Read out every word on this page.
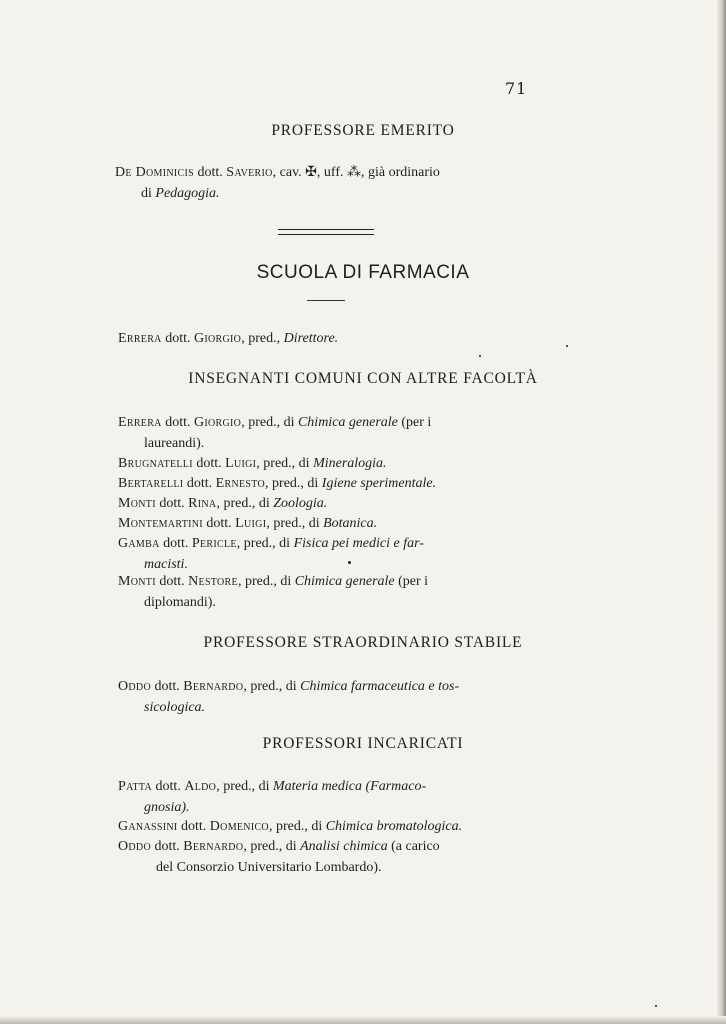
71
PROFESSORE EMERITO
De Dominicis dott. Saverio, cav. ✠, uff. ⁂, già ordinario
di Pedagogia.
SCUOLA DI FARMACIA
Errera dott. Giorgio, pred., Direttore.
INSEGNANTI COMUNI CON ALTRE FACOLTÀ
Errera dott. Giorgio, pred., di Chimica generale (per i
laureandi).
Brugnatelli dott. Luigi, pred., di Mineralogia.
Bertarelli dott. Ernesto, pred., di Igiene sperimentale.
Monti dott. Rina, pred., di Zoologia.
Montemartini dott. Luigi, pred., di Botanica.
Gamba dott. Pericle, pred., di Fisica pei medici e far-
macisti.
Monti dott. Nestore, pred., di Chimica generale (per i
diplomandi).
PROFESSORE STRAORDINARIO STABILE
Oddo dott. Bernardo, pred., di Chimica farmaceutica e tos-
sicologica.
PROFESSORI INCARICATI
Patta dott. Aldo, pred., di Materia medica (Farmaco-
gnosia).
Ganassini dott. Domenico, pred., di Chimica bromatologica.
Oddo dott. Bernardo, pred., di Analisi chimica (a carico
del Consorzio Universitario Lombardo).
